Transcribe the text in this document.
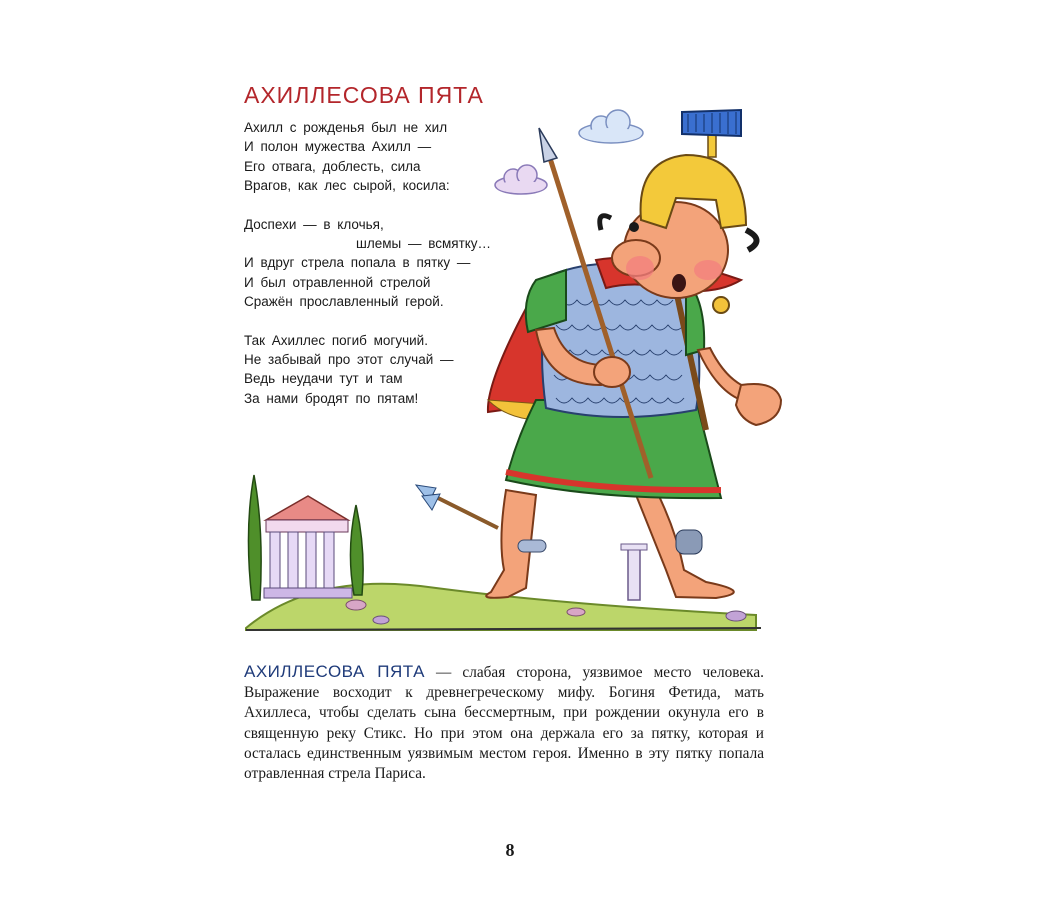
АХИЛЛЕСОВА ПЯТА
Ахилл с рожденья был не хил
И полон мужества Ахилл —
Его отвага, доблесть, сила
Врагов, как лес сырой, косила:
Доспехи — в клочья,
шлемы — всмятку…
И вдруг стрела попала в пятку —
И был отравленной стрелой
Сражён прославленный герой.
Так Ахиллес погиб могучий.
Не забывай про этот случай —
Ведь неудачи тут и там
За нами бродят по пятам!

АХИЛЛЕСОВА ПЯТА — слабая сторона, уязвимое место человека. Выражение восходит к древнегреческому мифу. Богиня Фетида, мать Ахиллеса, чтобы сделать сына бессмертным, при рождении окунула его в священную реку Стикс. Но при этом она держала его за пятку, которая и осталась единственным уязвимым местом героя. Именно в эту пятку попала отравленная стрела Париса.

8
